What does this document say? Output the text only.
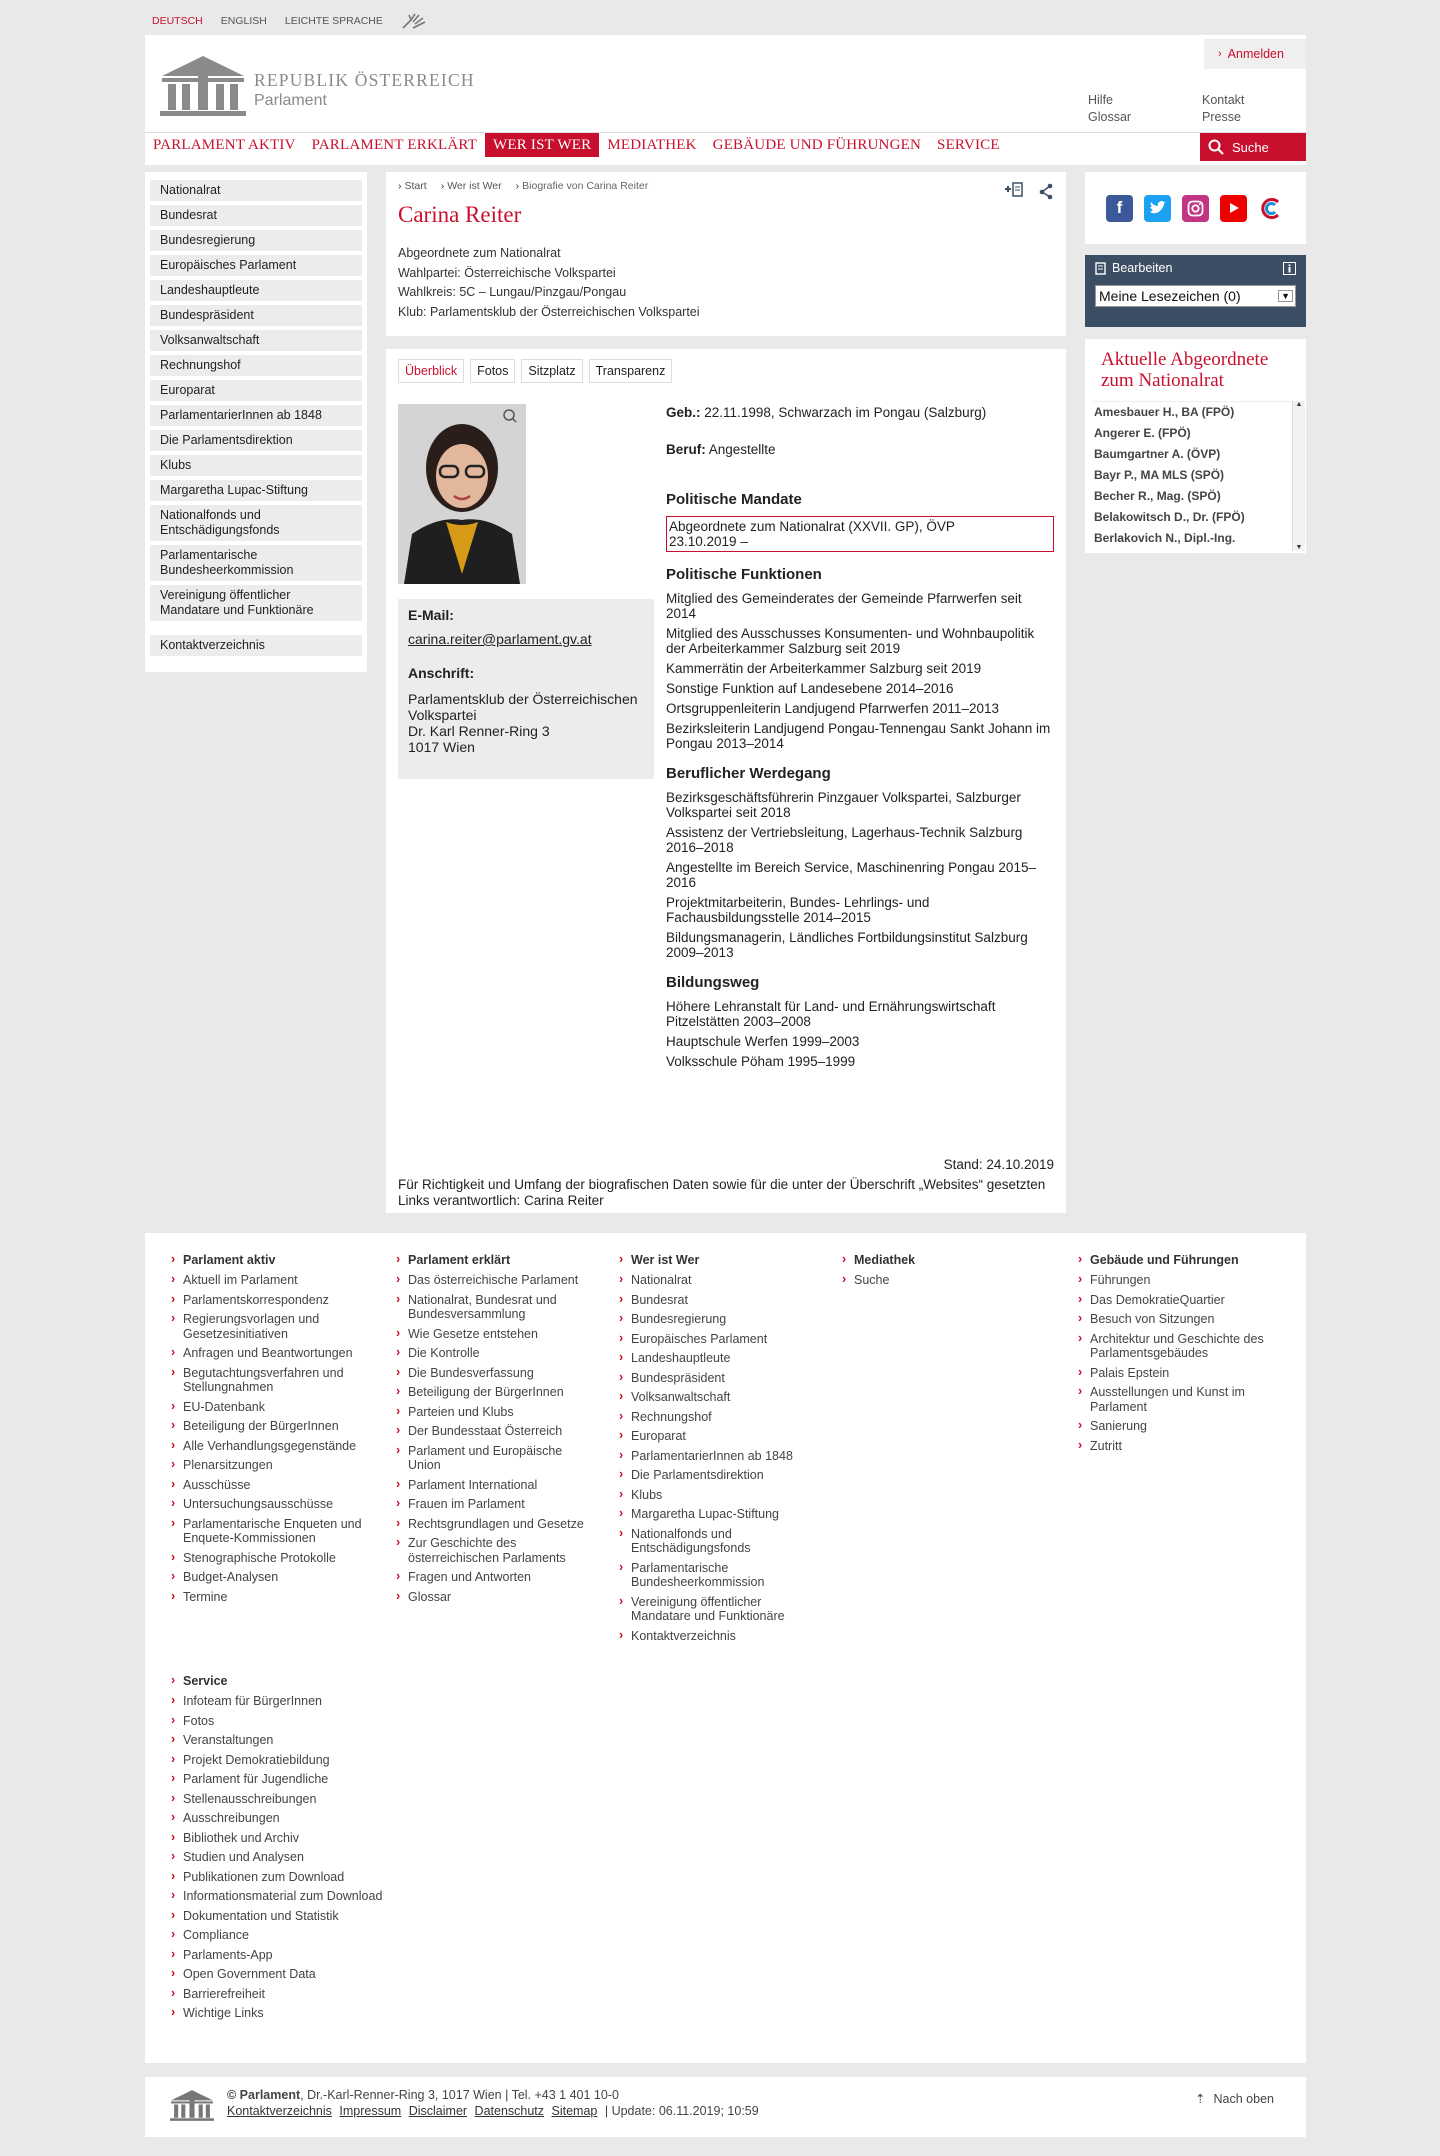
DEUTSCH ENGLISH LEICHTE SPRACHE
› Anmelden
REPUBLIK ÖSTERREICH
Parlament	Hilfe
Glossar
Kontakt
Presse
PARLAMENT AKTIV	PARLAMENT ERKLÄRT	WER IST WER	MEDIATHEK	GEBÄUDE UND FÜHRUNGEN	SERVICE	Suche
Nationalrat
Bundesrat
Bundesregierung
Europäisches Parlament
Landeshauptleute
Bundespräsident
Volksanwaltschaft
Rechnungshof
Europarat
ParlamentarierInnen ab 1848
Die Parlamentsdirektion
Klubs
Margaretha Lupac-Stiftung
Nationalfonds und Entschädigungsfonds
Parlamentarische Bundesheerkommission
Vereinigung öffentlicher Mandatare und Funktionäre
Kontaktverzeichnis
› Start	› Wer ist Wer	› Biografie von Carina Reiter
Carina Reiter
Abgeordnete zum Nationalrat
Wahlpartei: Österreichische Volkspartei
Wahlkreis: 5C – Lungau/Pinzgau/Pongau
Klub: Parlamentsklub der Österreichischen Volkspartei
Überblick	Fotos	Sitzplatz	Transparenz
E-Mail:
carina.reiter@parlament.gv.at
Anschrift:
Parlamentsklub der Österreichischen Volkspartei
Dr. Karl Renner-Ring 3
1017 Wien
Geb.: 22.11.1998, Schwarzach im Pongau (Salzburg)
Beruf: Angestellte
Politische Mandate
Abgeordnete zum Nationalrat (XXVII. GP), ÖVP
23.10.2019 –
Politische Funktionen
Mitglied des Gemeinderates der Gemeinde Pfarrwerfen seit 2014
Mitglied des Ausschusses Konsumenten- und Wohnbaupolitik der Arbeiterkammer Salzburg seit 2019
Kammerrätin der Arbeiterkammer Salzburg seit 2019
Sonstige Funktion auf Landesebene 2014–2016
Ortsgruppenleiterin Landjugend Pfarrwerfen 2011–2013
Bezirksleiterin Landjugend Pongau-Tennengau Sankt Johann im Pongau 2013–2014
Beruflicher Werdegang
Bezirksgeschäftsführerin Pinzgauer Volkspartei, Salzburger Volkspartei seit 2018
Assistenz der Vertriebsleitung, Lagerhaus-Technik Salzburg 2016–2018
Angestellte im Bereich Service, Maschinenring Pongau 2015–2016
Projektmitarbeiterin, Bundes- Lehrlings- und Fachausbildungsstelle 2014–2015
Bildungsmanagerin, Ländliches Fortbildungsinstitut Salzburg 2009–2013
Bildungsweg
Höhere Lehranstalt für Land- und Ernährungswirtschaft Pitzelstätten 2003–2008
Hauptschule Werfen 1999–2003
Volksschule Pöham 1995–1999
Stand: 24.10.2019
Für Richtigkeit und Umfang der biografischen Daten sowie für die unter der Überschrift „Websites“ gesetzten Links verantwortlich: Carina Reiter
f
Bearbeiten
Meine Lesezeichen (0)	▼
Aktuelle Abgeordnete zum Nationalrat
Amesbauer H., BA (FPÖ)
Angerer E. (FPÖ)
Baumgartner A. (ÖVP)
Bayr P., MA MLS (SPÖ)
Becher R., Mag. (SPÖ)
Belakowitsch D., Dr. (FPÖ)
Berlakovich N., Dipl.-Ing.
▲
▼
› Parlament aktiv
› Aktuell im Parlament
› Parlamentskorrespondenz
› Regierungsvorlagen und Gesetzesinitiativen
› Anfragen und Beantwortungen
› Begutachtungsverfahren und Stellungnahmen
› EU-Datenbank
› Beteiligung der BürgerInnen
› Alle Verhandlungsgegenstände
› Plenarsitzungen
› Ausschüsse
› Untersuchungsausschüsse
› Parlamentarische Enqueten und Enquete-Kommissionen
› Stenographische Protokolle
› Budget-Analysen
› Termine
› Parlament erklärt
› Das österreichische Parlament
› Nationalrat, Bundesrat und Bundesversammlung
› Wie Gesetze entstehen
› Die Kontrolle
› Die Bundesverfassung
› Beteiligung der BürgerInnen
› Parteien und Klubs
› Der Bundesstaat Österreich
› Parlament und Europäische Union
› Parlament International
› Frauen im Parlament
› Rechtsgrundlagen und Gesetze
› Zur Geschichte des österreichischen Parlaments
› Fragen und Antworten
› Glossar
› Wer ist Wer
› Nationalrat
› Bundesrat
› Bundesregierung
› Europäisches Parlament
› Landeshauptleute
› Bundespräsident
› Volksanwaltschaft
› Rechnungshof
› Europarat
› ParlamentarierInnen ab 1848
› Die Parlamentsdirektion
› Klubs
› Margaretha Lupac-Stiftung
› Nationalfonds und Entschädigungsfonds
› Parlamentarische Bundesheerkommission
› Vereinigung öffentlicher Mandatare und Funktionäre
› Kontaktverzeichnis
› Mediathek
› Suche
› Gebäude und Führungen
› Führungen
› Das DemokratieQuartier
› Besuch von Sitzungen
› Architektur und Geschichte des Parlamentsgebäudes
› Palais Epstein
› Ausstellungen und Kunst im Parlament
› Sanierung
› Zutritt
› Service
› Infoteam für BürgerInnen
› Fotos
› Veranstaltungen
› Projekt Demokratiebildung
› Parlament für Jugendliche
› Stellenausschreibungen
› Ausschreibungen
› Bibliothek und Archiv
› Studien und Analysen
› Publikationen zum Download
› Informationsmaterial zum Download
› Dokumentation und Statistik
› Compliance
› Parlaments-App
› Open Government Data
› Barrierefreiheit
› Wichtige Links
© Parlament, Dr.-Karl-Renner-Ring 3, 1017 Wien | Tel. +43 1 401 10-0
Kontaktverzeichnis Impressum Disclaimer Datenschutz Sitemap | Update: 06.11.2019; 10:59
⇡ Nach oben
